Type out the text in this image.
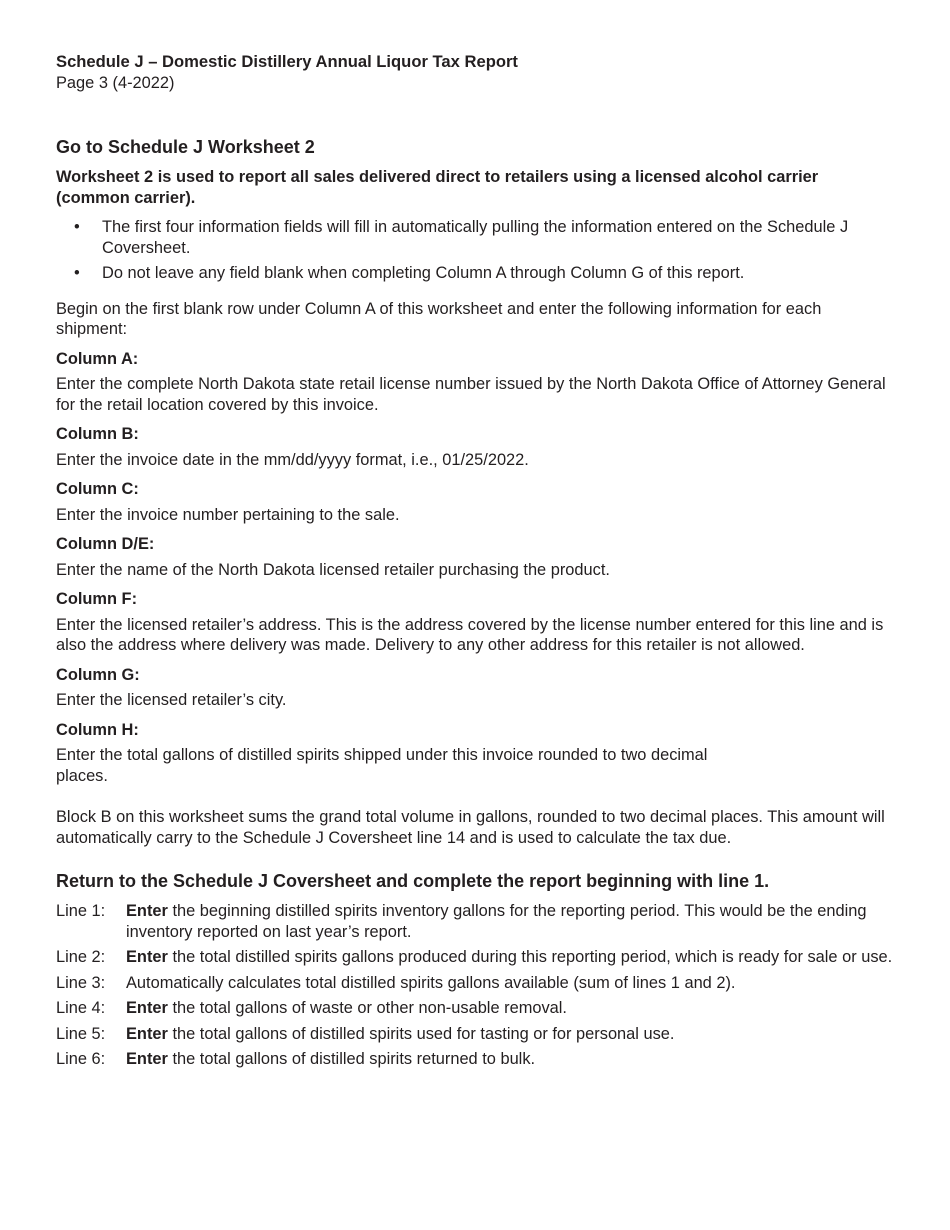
Schedule J – Domestic Distillery Annual Liquor Tax Report

Page 3 (4-2022)

Go to Schedule J Worksheet 2

Worksheet 2 is used to report all sales delivered direct to retailers using a licensed alcohol carrier (common carrier).

• The first four information fields will fill in automatically pulling the information entered on the Schedule J Coversheet.
• Do not leave any field blank when completing Column A through Column G of this report.

Begin on the first blank row under Column A of this worksheet and enter the following information for each shipment:

Column A:

Enter the complete North Dakota state retail license number issued by the North Dakota Office of Attorney General for the retail location covered by this invoice.

Column B:

Enter the invoice date in the mm/dd/yyyy format, i.e., 01/25/2022.

Column C:

Enter the invoice number pertaining to the sale.

Column D/E:

Enter the name of the North Dakota licensed retailer purchasing the product.

Column F:

Enter the licensed retailer’s address. This is the address covered by the license number entered for this line and is also the address where delivery was made. Delivery to any other address for this retailer is not allowed.

Column G:

Enter the licensed retailer’s city.

Column H:

Enter the total gallons of distilled spirits shipped under this invoice rounded to two decimal places.

Block B on this worksheet sums the grand total volume in gallons, rounded to two decimal places. This amount will automatically carry to the Schedule J Coversheet line 14 and is used to calculate the tax due.

Return to the Schedule J Coversheet and complete the report beginning with line 1.

Line 1: Enter the beginning distilled spirits inventory gallons for the reporting period. This would be the ending inventory reported on last year’s report.
Line 2: Enter the total distilled spirits gallons produced during this reporting period, which is ready for sale or use.
Line 3: Automatically calculates total distilled spirits gallons available (sum of lines 1 and 2).
Line 4: Enter the total gallons of waste or other non-usable removal.
Line 5: Enter the total gallons of distilled spirits used for tasting or for personal use.
Line 6: Enter the total gallons of distilled spirits returned to bulk.
